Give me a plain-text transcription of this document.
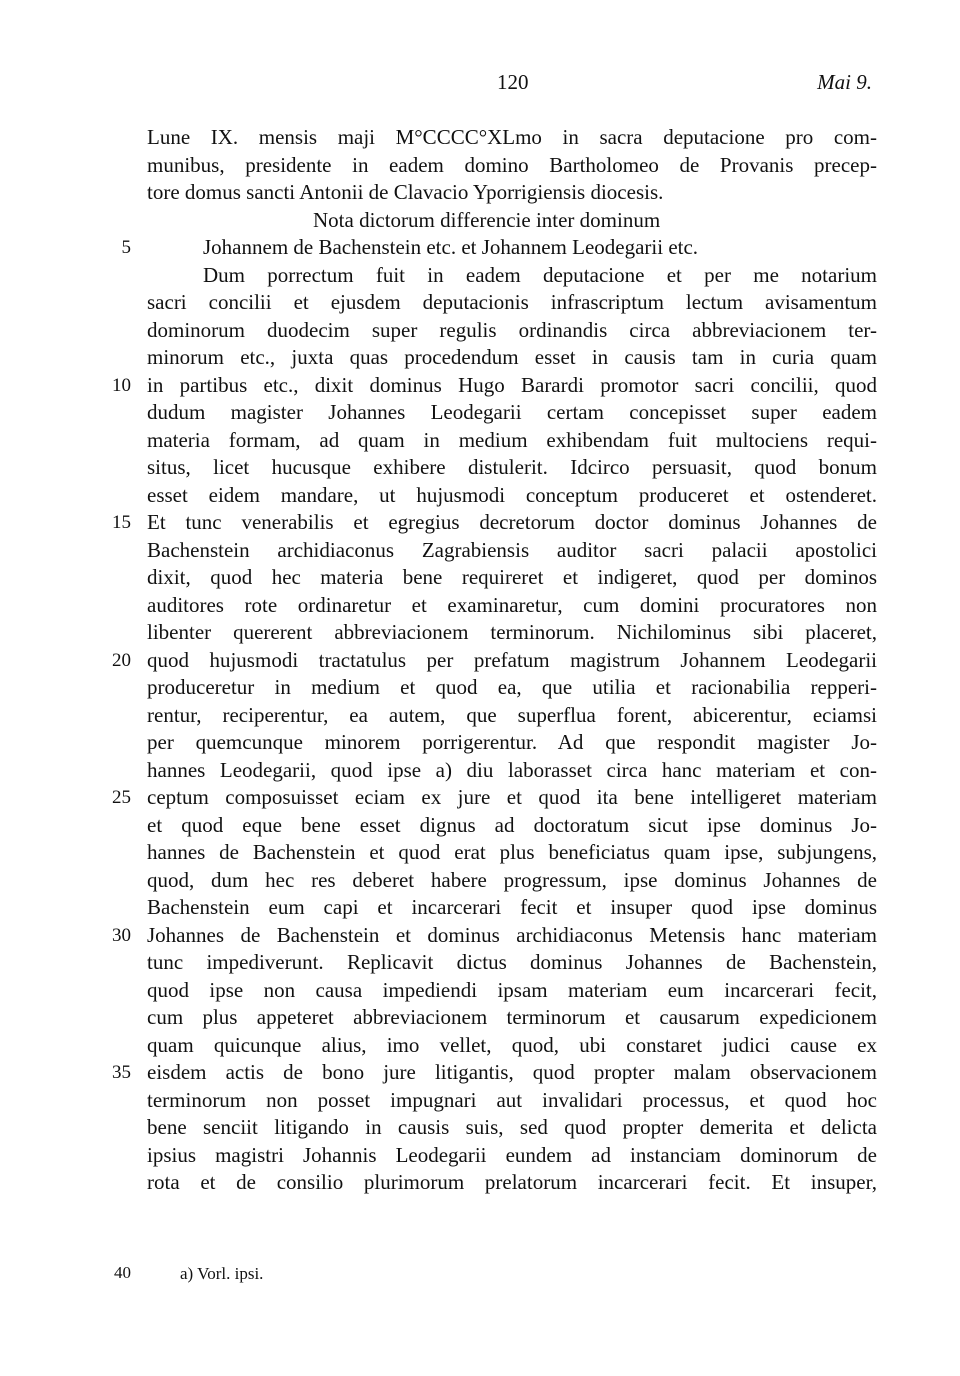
120	Mai 9.
Lune IX. mensis maji M°CCCC°XLmo in sacra deputacione pro com-
munibus, presidente in eadem domino Bartholomeo de Provanis precep-
tore domus sancti Antonii de Clavacio Yporrigiensis diocesis.
Nota dictorum differencie inter dominum
Johannem de Bachenstein etc. et Johannem Leodegarii etc.
Dum porrectum fuit in eadem deputacione et per me notarium
sacri concilii et ejusdem deputacionis infrascriptum lectum avisamentum
dominorum duodecim super regulis ordinandis circa abbreviacionem ter-
minorum etc., juxta quas procedendum esset in causis tam in curia quam
in partibus etc., dixit dominus Hugo Barardi promotor sacri concilii, quod
dudum magister Johannes Leodegarii certam concepisset super eadem
materia formam, ad quam in medium exhibendam fuit multociens requi-
situs, licet hucusque exhibere distulerit. Idcirco persuasit, quod bonum
esset eidem mandare, ut hujusmodi conceptum produceret et ostenderet.
Et tunc venerabilis et egregius decretorum doctor dominus Johannes de
Bachenstein archidiaconus Zagrabiensis auditor sacri palacii apostolici
dixit, quod hec materia bene requireret et indigeret, quod per dominos
auditores rote ordinaretur et examinaretur, cum domini procuratores non
libenter quererent abbreviacionem terminorum. Nichilominus sibi placeret,
quod hujusmodi tractatulus per prefatum magistrum Johannem Leodegarii
produceretur in medium et quod ea, que utilia et racionabilia repperi-
rentur, reciperentur, ea autem, que superflua forent, abicerentur, eciamsi
per quemcunque minorem porrigerentur. Ad que respondit magister Jo-
hannes Leodegarii, quod ipse a) diu laborasset circa hanc materiam et con-
ceptum composuisset eciam ex jure et quod ita bene intelligeret materiam
et quod eque bene esset dignus ad doctoratum sicut ipse dominus Jo-
hannes de Bachenstein et quod erat plus beneficiatus quam ipse, subjungens,
quod, dum hec res deberet habere progressum, ipse dominus Johannes de
Bachenstein eum capi et incarcerari fecit et insuper quod ipse dominus
Johannes de Bachenstein et dominus archidiaconus Metensis hanc materiam
tunc impediverunt. Replicavit dictus dominus Johannes de Bachenstein,
quod ipse non causa impediendi ipsam materiam eum incarcerari fecit,
cum plus appeteret abbreviacionem terminorum et causarum expedicionem
quam quicunque alius, imo vellet, quod, ubi constaret judici cause ex
eisdem actis de bono jure litigantis, quod propter malam observacionem
terminorum non posset impugnari aut invalidari processus, et quod hoc
bene senciit litigando in causis suis, sed quod propter demerita et delicta
ipsius magistri Johannis Leodegarii eundem ad instanciam dominorum de
rota et de consilio plurimorum prelatorum incarcerari fecit. Et insuper,
5
10
15
20
25
30
35
40	a) Vorl. ipsi.
